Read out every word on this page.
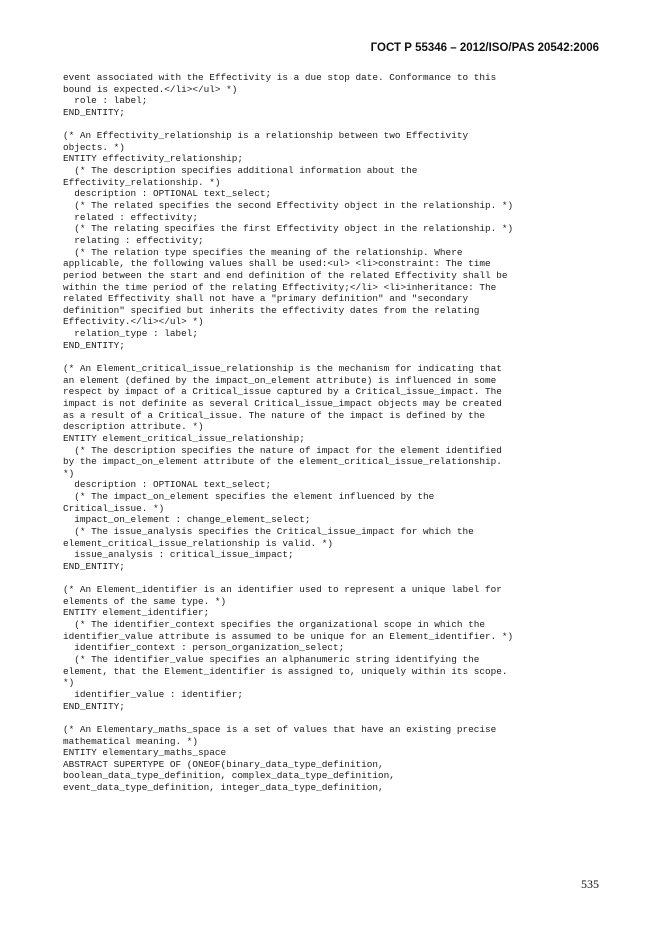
ГОСТ Р 55346 – 2012/ISO/PAS 20542:2006
event associated with the Effectivity is a due stop date. Conformance to this
bound is expected.</li></ul> *)
role : label;
END_ENTITY;
(* An Effectivity_relationship is a relationship between two Effectivity
objects. *)
ENTITY effectivity_relationship;
(* The description specifies additional information about the
Effectivity_relationship. *)
description : OPTIONAL text_select;
(* The related specifies the second Effectivity object in the relationship. *)
related : effectivity;
(* The relating specifies the first Effectivity object in the relationship. *)
relating : effectivity;
(* The relation type specifies the meaning of the relationship. Where
applicable, the following values shall be used:<ul> <li>constraint: The time
period between the start and end definition of the related Effectivity shall be
within the time period of the relating Effectivity;</li> <li>inheritance: The
related Effectivity shall not have a "primary definition" and "secondary
definition" specified but inherits the effectivity dates from the relating
Effectivity.</li></ul> *)
relation_type : label;
END_ENTITY;
(* An Element_critical_issue_relationship is the mechanism for indicating that
an element (defined by the impact_on_element attribute) is influenced in some
respect by impact of a Critical_issue captured by a Critical_issue_impact. The
impact is not definite as several Critical_issue_impact objects may be created
as a result of a Critical_issue. The nature of the impact is defined by the
description attribute. *)
ENTITY element_critical_issue_relationship;
(* The description specifies the nature of impact for the element identified
by the impact_on_element attribute of the element_critical_issue_relationship.
*)
description : OPTIONAL text_select;
(* The impact_on_element specifies the element influenced by the
Critical_issue. *)
impact_on_element : change_element_select;
(* The issue_analysis specifies the Critical_issue_impact for which the
element_critical_issue_relationship is valid. *)
issue_analysis : critical_issue_impact;
END_ENTITY;
(* An Element_identifier is an identifier used to represent a unique label for
elements of the same type. *)
ENTITY element_identifier;
(* The identifier_context specifies the organizational scope in which the
identifier_value attribute is assumed to be unique for an Element_identifier. *)
identifier_context : person_organization_select;
(* The identifier_value specifies an alphanumeric string identifying the
element, that the Element_identifier is assigned to, uniquely within its scope.
*)
identifier_value : identifier;
END_ENTITY;
(* An Elementary_maths_space is a set of values that have an existing precise
mathematical meaning. *)
ENTITY elementary_maths_space
ABSTRACT SUPERTYPE OF (ONEOF(binary_data_type_definition,
boolean_data_type_definition, complex_data_type_definition,
event_data_type_definition, integer_data_type_definition,
535
